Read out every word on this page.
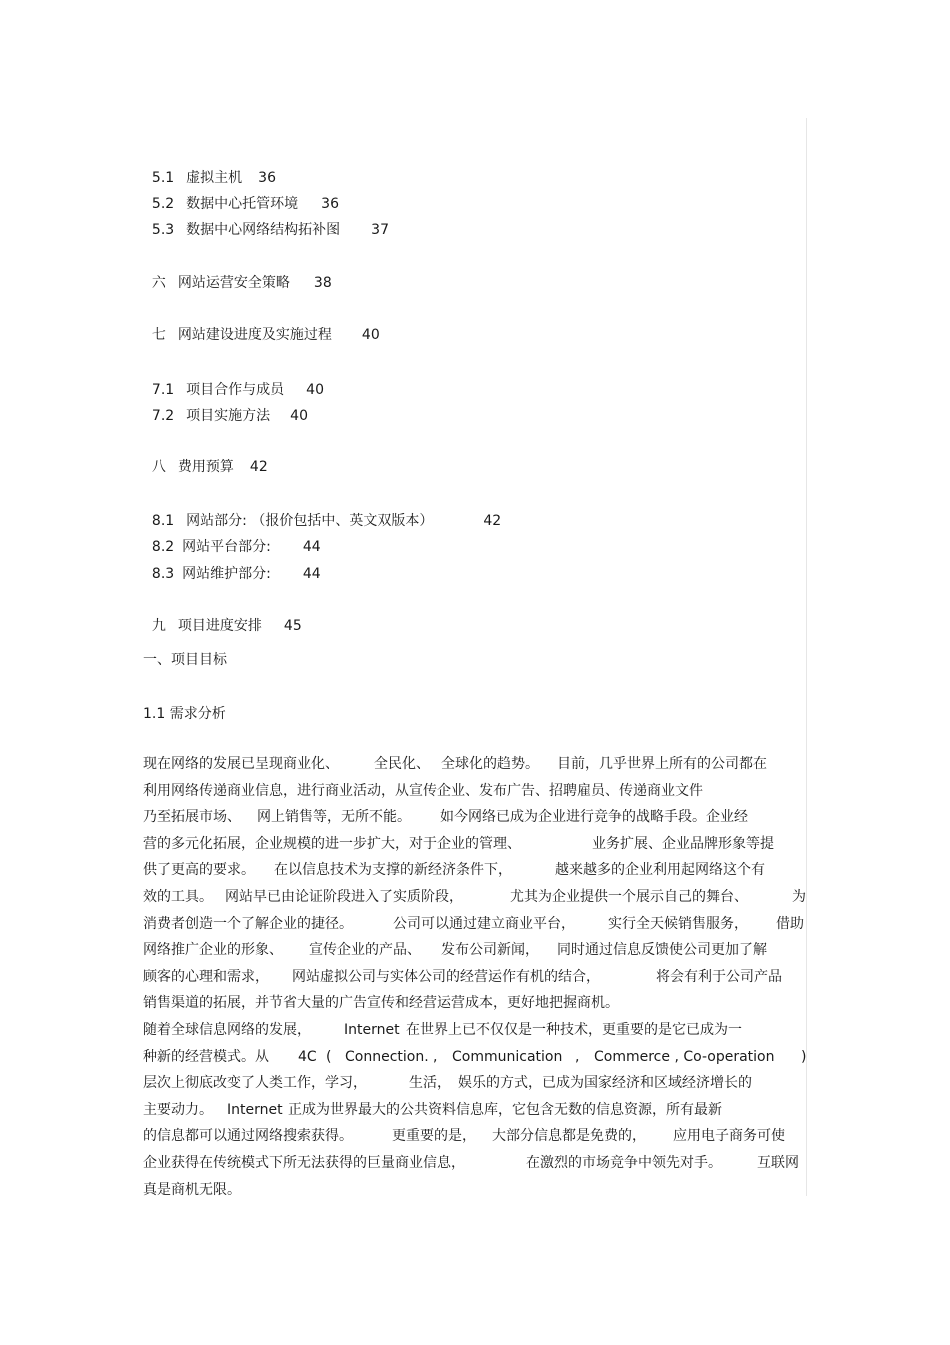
5.1 虚拟主机 36

5.2 数据中心托管环境 36

5.3 数据中心网络结构拓补图 37

六 网站运营安全策略 38

七 网站建设进度及实施过程 40

7.1 项目合作与成员 40

7.2 项目实施方法 40

八 费用预算 42

8.1 网站部分: （报价包括中、英文双版本）	42

8.2 网站平台部分: 44

8.3 网站维护部分: 44

九 项目进度安排 45

一、项目目标
1.1 需求分析

现在网络的发展已呈现商业化、

	全民化、

全球化的趋势。

目前，几乎世界上所有的公司都在

利用网络传递商业信息，进行商业活动，从宣传企业、发布广告、招聘雇员、传递商业文件

乃至拓展市场、

网上销售等，无所不能。

如今网络已成为企业进行竞争的战略手段。企业经

营的多元化拓展，企业规模的进一步扩大，对于企业的管理、

	业务扩展、企业品牌形象等提

供了更高的要求。

在以信息技术为支撑的新经济条件下，

	越来越多的企业利用起网络这个有

效的工具。

网站早已由论证阶段进入了实质阶段，

	尤其为企业提供一个展示自己的舞台、

	为

消费者创造一个了解企业的捷径。

	公司可以通过建立商业平台，

实行全天候销售服务，

借助

网络推广企业的形象、

宣传企业的产品、

发布公司新闻，

同时通过信息反馈使公司更加了解

顾客的心理和需求，

网站虚拟公司与实体公司的经营运作有机的结合，

	将会有利于公司产品

销售渠道的拓展，并节省大量的广告宣传和经营运营成本，更好地把握商机。

随着全球信息网络的发展，

Internet

在世界上已不仅仅是一种技术，更重要的是它已成为一

种新的经营模式。从

4C

(

Connection.

,

Communication

,

Commerce , Co-operation

)

层次上彻底改变了人类工作，学习，

	生活，

娱乐的方式，已成为国家经济和区域经济增长的

主要动力。

Internet

正成为世界最大的公共资料信息库，它包含无数的信息资源，所有最新

的信息都可以通过网络搜索获得。

	更重要的是，

大部分信息都是免费的，

应用电子商务可使

企业获得在传统模式下所无法获得的巨量商业信息，

	在激烈的市场竞争中领先对手。

	互联网

真是商机无限。
